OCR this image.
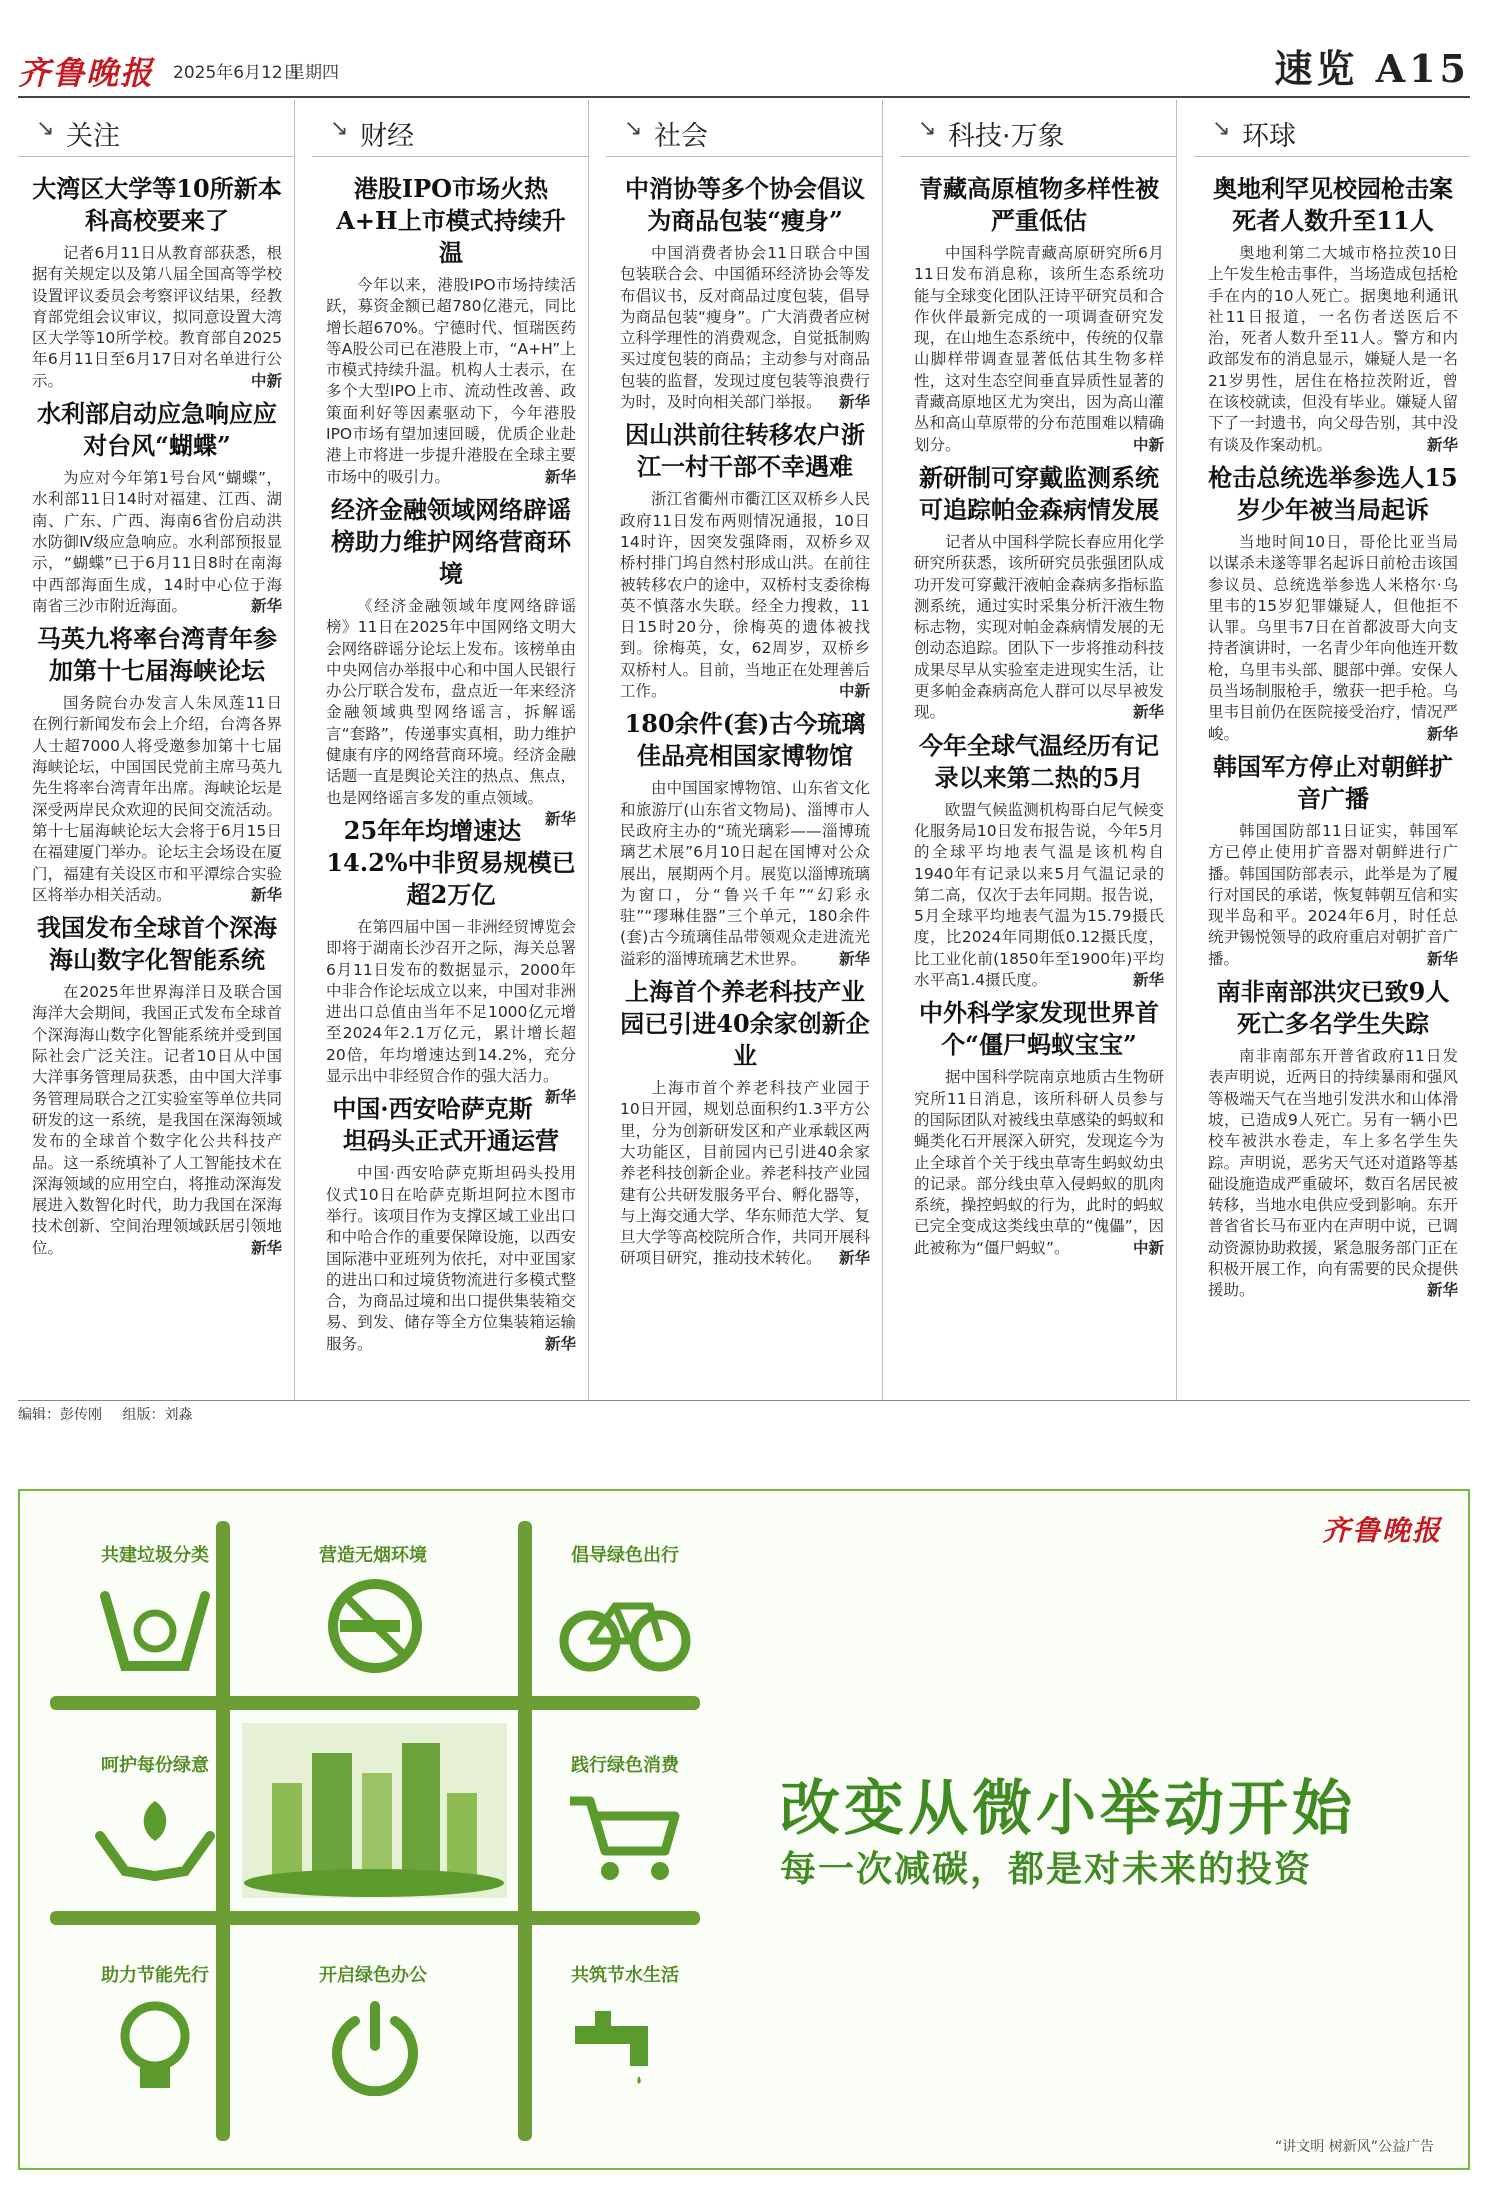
齐鲁晚报 2025年6月12日
星期四	速览 A15
↘ 关注
大湾区大学等10所新本科高校要来了

记者6月11日从教育部获悉，根据有关规定以及第八届全国高等学校设置评议委员会考察评议结果，经教育部党组会议审议，拟同意设置大湾区大学等10所学校。教育部自2025年6月11日至6月17日对名单进行公示。	中新

水利部启动应急响应应对台风“蝴蝶”

为应对今年第1号台风“蝴蝶”，水利部11日14时对福建、江西、湖南、广东、广西、海南6省份启动洪水防御Ⅳ级应急响应。水利部预报显示，“蝴蝶”已于6月11日8时在南海中西部海面生成，14时中心位于海南省三沙市附近海面。	新华

马英九将率台湾青年参加第十七届海峡论坛

国务院台办发言人朱凤莲11日在例行新闻发布会上介绍，台湾各界人士超7000人将受邀参加第十七届海峡论坛，中国国民党前主席马英九先生将率台湾青年出席。海峡论坛是深受两岸民众欢迎的民间交流活动。第十七届海峡论坛大会将于6月15日在福建厦门举办。论坛主会场设在厦门，福建有关设区市和平潭综合实验区将举办相关活动。	新华

我国发布全球首个深海海山数字化智能系统

在2025年世界海洋日及联合国海洋大会期间，我国正式发布全球首个深海海山数字化智能系统并受到国际社会广泛关注。记者10日从中国大洋事务管理局获悉，由中国大洋事务管理局联合之江实验室等单位共同研发的这一系统，是我国在深海领域发布的全球首个数字化公共科技产品。这一系统填补了人工智能技术在深海领域的应用空白，将推动深海发展进入数智化时代，助力我国在深海技术创新、空间治理领域跃居引领地位。	新华

↘ 财经
港股IPO市场火热A+H上市模式持续升温

今年以来，港股IPO市场持续活跃，募资金额已超780亿港元，同比增长超670%。宁德时代、恒瑞医药等A股公司已在港股上市，“A+H”上市模式持续升温。机构人士表示，在多个大型IPO上市、流动性改善、政策面利好等因素驱动下，今年港股IPO市场有望加速回暖，优质企业赴港上市将进一步提升港股在全球主要市场中的吸引力。	新华

经济金融领域网络辟谣榜助力维护网络营商环境

《经济金融领域年度网络辟谣榜》11日在2025年中国网络文明大会网络辟谣分论坛上发布。该榜单由中央网信办举报中心和中国人民银行办公厅联合发布，盘点近一年来经济金融领域典型网络谣言，拆解谣言“套路”，传递事实真相，助力维护健康有序的网络营商环境。经济金融话题一直是舆论关注的热点、焦点，也是网络谣言多发的重点领域。
新华

25年年均增速达14.2%中非贸易规模已超2万亿

在第四届中国－非洲经贸博览会即将于湖南长沙召开之际，海关总署6月11日发布的数据显示，2000年中非合作论坛成立以来，中国对非洲进出口总值由当年不足1000亿元增至2024年2.1万亿元，累计增长超20倍，年均增速达到14.2%，充分显示出中非经贸合作的强大活力。
新华

中国·西安哈萨克斯坦码头正式开通运营

中国·西安哈萨克斯坦码头投用仪式10日在哈萨克斯坦阿拉木图市举行。该项目作为支撑区域工业出口和中哈合作的重要保障设施，以西安国际港中亚班列为依托，对中亚国家的进出口和过境货物流进行多模式整合，为商品过境和出口提供集装箱交易、到发、储存等全方位集装箱运输服务。	新华

↘ 社会
中消协等多个协会倡议为商品包装“瘦身”

中国消费者协会11日联合中国包装联合会、中国循环经济协会等发布倡议书，反对商品过度包装，倡导为商品包装“瘦身”。广大消费者应树立科学理性的消费观念，自觉抵制购买过度包装的商品；主动参与对商品包装的监督，发现过度包装等浪费行为时，及时向相关部门举报。 新华

因山洪前往转移农户浙江一村干部不幸遇难

浙江省衢州市衢江区双桥乡人民政府11日发布两则情况通报，10日14时许，因突发强降雨，双桥乡双桥村排门坞自然村形成山洪。在前往被转移农户的途中，双桥村支委徐梅英不慎落水失联。经全力搜救，11日15时20分，徐梅英的遗体被找到。徐梅英，女，62周岁，双桥乡双桥村人。目前，当地正在处理善后工作。	中新

180余件(套)古今琉璃佳品亮相国家博物馆

由中国国家博物馆、山东省文化和旅游厅(山东省文物局)、淄博市人民政府主办的“琉光璃彩——淄博琉璃艺术展”6月10日起在国博对公众展出，展期两个月。展览以淄博琉璃为窗口，分“鲁兴千年”“幻彩永驻”“璆琳佳器”三个单元，180余件(套)古今琉璃佳品带领观众走进流光溢彩的淄博琉璃艺术世界。 新华

上海首个养老科技产业园已引进40余家创新企业

上海市首个养老科技产业园于10日开园，规划总面积约1.3平方公里，分为创新研发区和产业承载区两大功能区，目前园内已引进40余家养老科技创新企业。养老科技产业园建有公共研发服务平台、孵化器等，与上海交通大学、华东师范大学、复旦大学等高校院所合作，共同开展科研项目研究，推动技术转化。 新华

↘ 科技·万象
青藏高原植物多样性被严重低估

中国科学院青藏高原研究所6月11日发布消息称，该所生态系统功能与全球变化团队汪诗平研究员和合作伙伴最新完成的一项调查研究发现，在山地生态系统中，传统的仅靠山脚样带调查显著低估其生物多样性，这对生态空间垂直异质性显著的青藏高原地区尤为突出，因为高山灌丛和高山草原带的分布范围难以精确划分。	中新

新研制可穿戴监测系统可追踪帕金森病情发展

记者从中国科学院长春应用化学研究所获悉，该所研究员张强团队成功开发可穿戴汗液帕金森病多指标监测系统，通过实时采集分析汗液生物标志物，实现对帕金森病情发展的无创动态追踪。团队下一步将推动科技成果尽早从实验室走进现实生活，让更多帕金森病高危人群可以尽早被发现。	新华

今年全球气温经历有记录以来第二热的5月

欧盟气候监测机构哥白尼气候变化服务局10日发布报告说，今年5月的全球平均地表气温是该机构自1940年有记录以来5月气温记录的第二高，仅次于去年同期。报告说，5月全球平均地表气温为15.79摄氏度，比2024年同期低0.12摄氏度，比工业化前(1850年至1900年)平均水平高1.4摄氏度。	新华

中外科学家发现世界首个“僵尸蚂蚁宝宝”

据中国科学院南京地质古生物研究所11日消息，该所科研人员参与的国际团队对被线虫草感染的蚂蚁和蝇类化石开展深入研究，发现迄今为止全球首个关于线虫草寄生蚂蚁幼虫的记录。部分线虫草入侵蚂蚁的肌肉系统，操控蚂蚁的行为，此时的蚂蚁已完全变成这类线虫草的“傀儡”，因此被称为“僵尸蚂蚁”。	中新

↘ 环球
奥地利罕见校园枪击案死者人数升至11人

奥地利第二大城市格拉茨10日上午发生枪击事件，当场造成包括枪手在内的10人死亡。据奥地利通讯社11日报道，一名伤者送医后不治，死者人数升至11人。警方和内政部发布的消息显示，嫌疑人是一名21岁男性，居住在格拉茨附近，曾在该校就读，但没有毕业。嫌疑人留下了一封遗书，向父母告别，其中没有谈及作案动机。	新华

枪击总统选举参选人15岁少年被当局起诉

当地时间10日，哥伦比亚当局以谋杀未遂等罪名起诉日前枪击该国参议员、总统选举参选人米格尔·乌里韦的15岁犯罪嫌疑人，但他拒不认罪。乌里韦7日在首都波哥大向支持者演讲时，一名青少年向他连开数枪，乌里韦头部、腿部中弹。安保人员当场制服枪手，缴获一把手枪。乌里韦目前仍在医院接受治疗，情况严峻。	新华

韩国军方停止对朝鲜扩音广播

韩国国防部11日证实，韩国军方已停止使用扩音器对朝鲜进行广播。韩国国防部表示，此举是为了履行对国民的承诺，恢复韩朝互信和实现半岛和平。2024年6月，时任总统尹锡悦领导的政府重启对朝扩音广播。	新华

南非南部洪灾已致9人死亡多名学生失踪

南非南部东开普省政府11日发表声明说，近两日的持续暴雨和强风等极端天气在当地引发洪水和山体滑坡，已造成9人死亡。另有一辆小巴校车被洪水卷走，车上多名学生失踪。声明说，恶劣天气还对道路等基础设施造成严重破坏，数百名居民被转移，当地水电供应受到影响。东开普省省长马布亚内在声明中说，已调动资源协助救援，紧急服务部门正在积极开展工作，向有需要的民众提供援助。	新华

编辑：彭传刚 组版：刘淼
齐鲁晚报
共建垃圾分类	营造无烟环境	倡导绿色出行
呵护每份绿意	践行绿色消费
助力节能先行	开启绿色办公	共筑节水生活
改变从微小举动开始
每一次减碳，都是对未来的投资
“讲文明 树新风”公益广告
